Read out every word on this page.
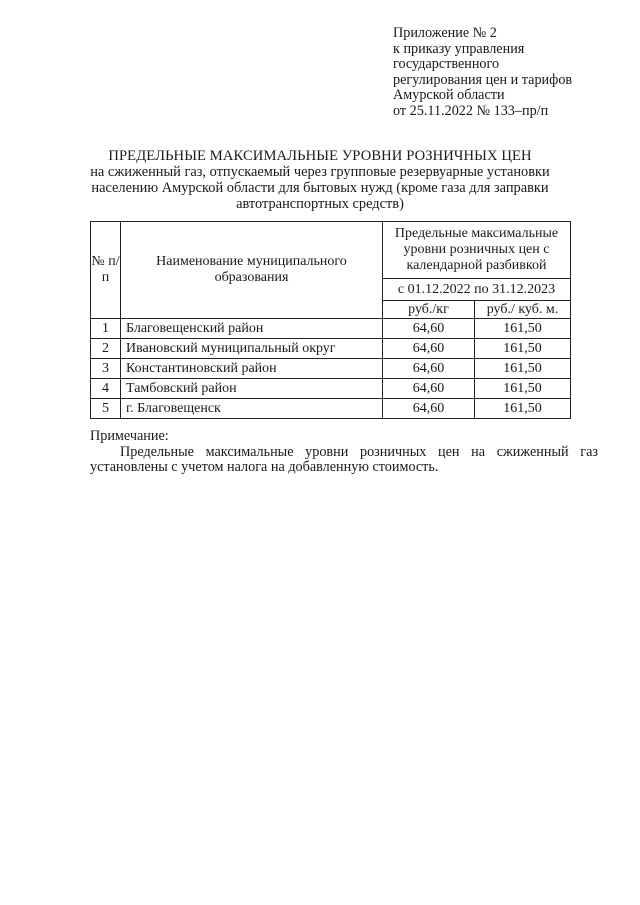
Приложение № 2
к приказу управления
государственного
регулирования цен и тарифов
Амурской области
от 25.11.2022 № 133–пр/п
ПРЕДЕЛЬНЫЕ МАКСИМАЛЬНЫЕ УРОВНИ РОЗНИЧНЫХ ЦЕН
на сжиженный газ, отпускаемый через групповые резервуарные установки
населению Амурской области для бытовых нужд (кроме газа для заправки
автотранспортных средств)
№ п/п	Наименование муниципального образования	Предельные максимальные уровни розничных цен с календарной разбивкой	
		с 01.12.2022 по 31.12.2023	
		руб./кг	руб./ куб. м.
1	Благовещенский район	64,60	161,50
2	Ивановский муниципальный округ	64,60	161,50
3	Константиновский район	64,60	161,50
4	Тамбовский район	64,60	161,50
5	г. Благовещенск	64,60	161,50
Примечание:
Предельные максимальные уровни розничных цен на сжиженный газ установлены с учетом налога на добавленную стоимость.
